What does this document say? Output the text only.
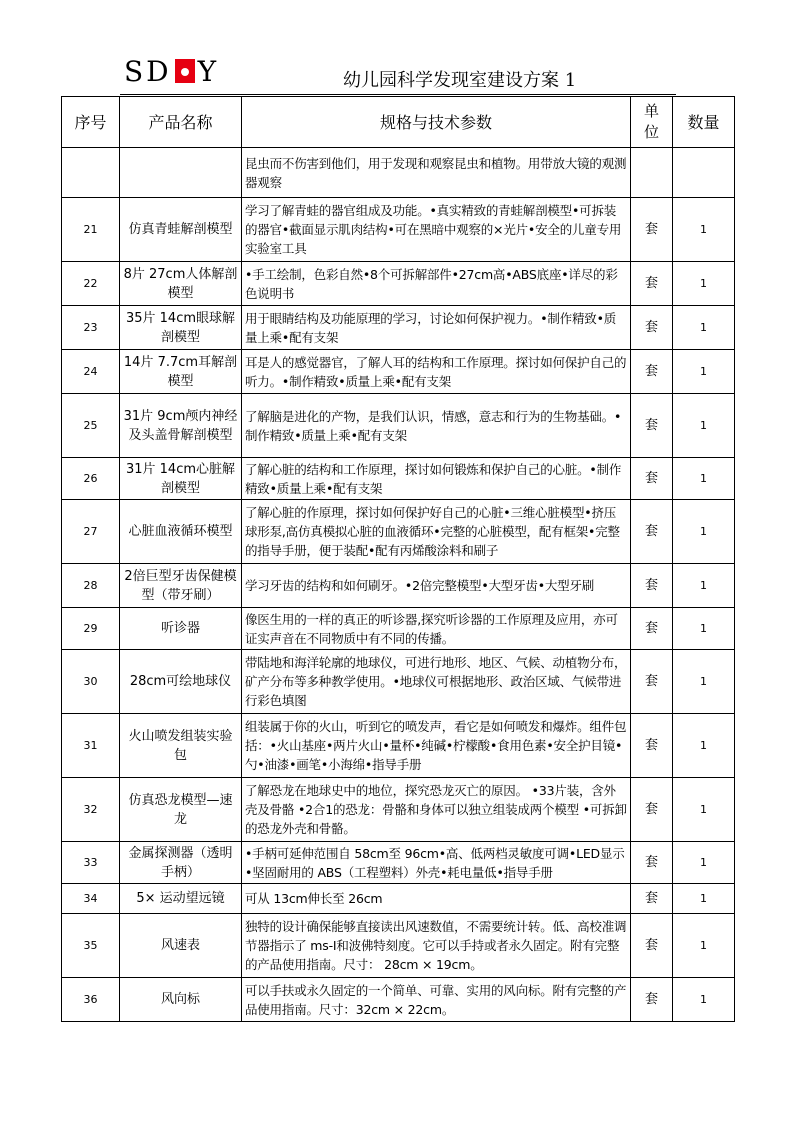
SD Y	幼儿园科学发现室建设方案 1
序号	产品名称	规格与技术参数	单位	数量
		昆虫而不伤害到他们，用于发现和观察昆虫和植物。用带放大镜的观测器观察		
21	仿真青蛙解剖模型	学习了解青蛙的器官组成及功能。•真实精致的青蛙解剖模型•可拆装的器官•截面显示肌肉结构•可在黑暗中观察的×光片•安全的儿童专用实验室工具	套	1
22	8片 27cm人体解剖模型	•手工绘制，色彩自然•8个可拆解部件•27cm高•ABS底座•详尽的彩色说明书	套	1
23	35片 14cm眼球解剖模型	用于眼睛结构及功能原理的学习，讨论如何保护视力。•制作精致•质量上乘•配有支架	套	1
24	14片 7.7cm耳解剖模型	耳是人的感觉器官，了解人耳的结构和工作原理。探讨如何保护自己的听力。•制作精致•质量上乘•配有支架	套	1
25	31片 9cm颅内神经及头盖骨解剖模型	了解脑是进化的产物，是我们认识，情感，意志和行为的生物基础。•制作精致•质量上乘•配有支架	套	1
26	31片 14cm心脏解剖模型	了解心脏的结构和工作原理，探讨如何锻炼和保护自己的心脏。•制作精致•质量上乘•配有支架	套	1
27	心脏血液循环模型	了解心脏的作原理，探讨如何保护好自己的心脏•三维心脏模型•挤压球形泵,高仿真模拟心脏的血液循环•完整的心脏模型，配有框架•完整的指导手册，便于装配•配有丙烯酸涂料和刷子	套	1
28	2倍巨型牙齿保健模型（带牙刷）	学习牙齿的结构和如何刷牙。•2倍完整模型•大型牙齿•大型牙刷	套	1
29	听诊器	像医生用的一样的真正的听诊器,探究听诊器的工作原理及应用，亦可证实声音在不同物质中有不同的传播。	套	1
30	28cm可绘地球仪	带陆地和海洋轮廓的地球仪，可进行地形、地区、气候、动植物分布，矿产分布等多种教学使用。•地球仪可根据地形、政治区域、气候带进行彩色填图	套	1
31	火山喷发组装实验包	组装属于你的火山，听到它的喷发声，看它是如何喷发和爆炸。组件包括：•火山基座•两片火山•量杯•纯碱•柠檬酸•食用色素•安全护目镜•勺•油漆•画笔•小海绵•指导手册	套	1
32	仿真恐龙模型—速龙	了解恐龙在地球史中的地位，探究恐龙灭亡的原因。 •33片装，含外壳及骨骼 •2合1的恐龙：骨骼和身体可以独立组装成两个模型 •可拆卸的恐龙外壳和骨骼。	套	1
33	金属探测器（透明手柄）	•手柄可延伸范围自 58cm至 96cm•高、低两档灵敏度可调•LED显示•坚固耐用的 ABS（工程塑料）外壳•耗电量低•指导手册	套	1
34	5× 运动望远镜	可从 13cm伸长至 26cm	套	1
35	风速表	独特的设计确保能够直接读出风速数值，不需要统计转。低、高校准调节器指示了 ms-I和波佛特刻度。它可以手持或者永久固定。附有完整的产品使用指南。尺寸： 28cm × 19cm。	套	1
36	风向标	可以手扶或永久固定的一个简单、可靠、实用的风向标。附有完整的产品使用指南。尺寸：32cm × 22cm。	套	1
